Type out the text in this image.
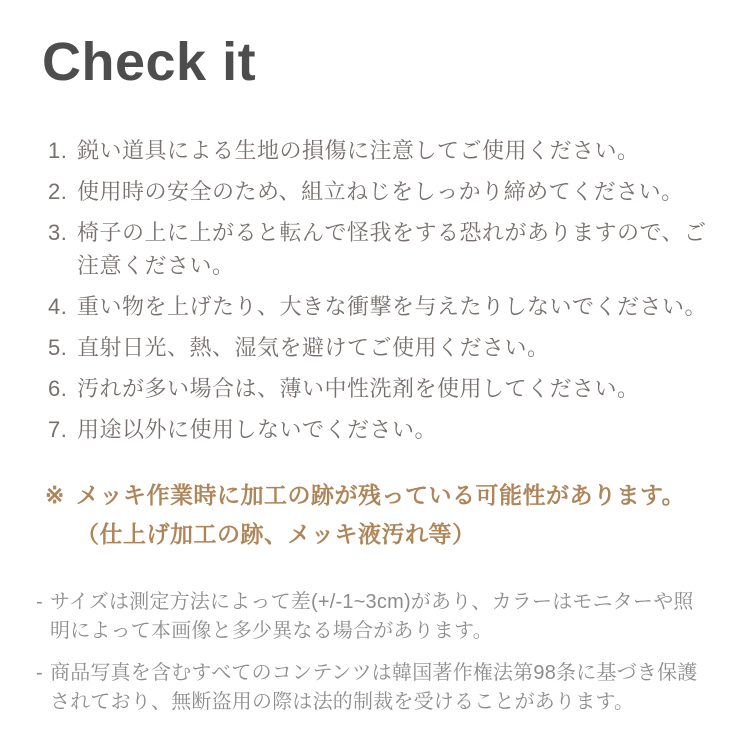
Check it
1. 鋭い道具による生地の損傷に注意してご使用ください。
2. 使用時の安全のため、組立ねじをしっかり締めてください。
3. 椅子の上に上がると転んで怪我をする恐れがありますので、ご注意ください。
4. 重い物を上げたり、大きな衝撃を与えたりしないでください。
5. 直射日光、熱、湿気を避けてご使用ください。
6. 汚れが多い場合は、薄い中性洗剤を使用してください。
7. 用途以外に使用しないでください。
※ メッキ作業時に加工の跡が残っている可能性があります。
（仕上げ加工の跡、メッキ液汚れ等）
- サイズは測定方法によって差(+/-1~3cm)があり、カラーはモニターや照明によって本画像と多少異なる場合があります。
- 商品写真を含むすべてのコンテンツは韓国著作権法第98条に基づき保護されており、無断盗用の際は法的制裁を受けることがあります。
